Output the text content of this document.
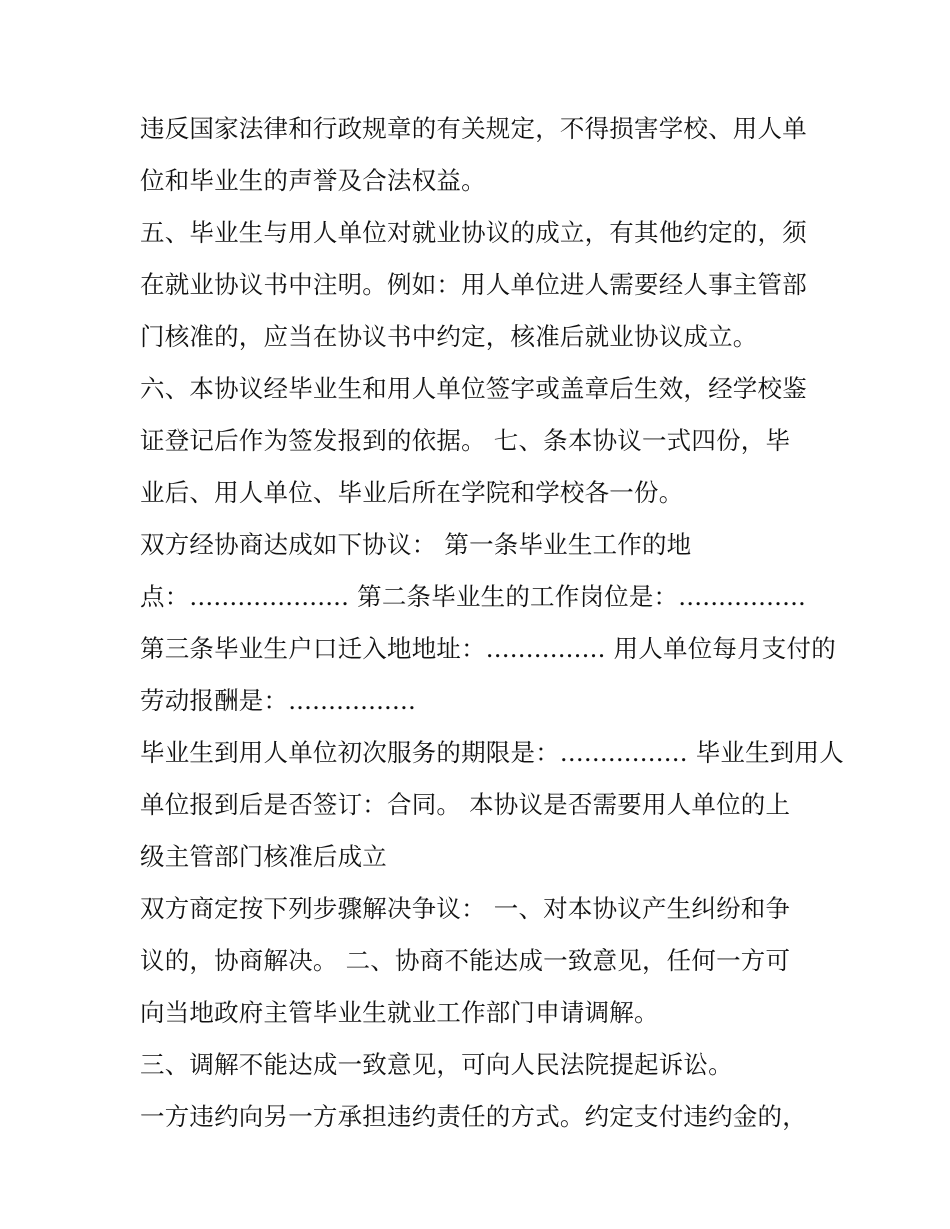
违反国家法律和行政规章的有关规定，不得损害学校、用人单
位和毕业生的声誉及合法权益。
五、毕业生与用人单位对就业协议的成立，有其他约定的，须
在就业协议书中注明。例如：用人单位进人需要经人事主管部
门核准的，应当在协议书中约定，核准后就业协议成立。
六、本协议经毕业生和用人单位签字或盖章后生效，经学校鉴
证登记后作为签发报到的依据。 七、条本协议一式四份，毕
业后、用人单位、毕业后所在学院和学校各一份。
双方经协商达成如下协议： 第一条毕业生工作的地
点：.................... 第二条毕业生的工作岗位是：................
第三条毕业生户口迁入地地址：............... 用人单位每月支付的
劳动报酬是：................
毕业生到用人单位初次服务的期限是：................ 毕业生到用人
单位报到后是否签订：合同。 本协议是否需要用人单位的上
级主管部门核准后成立
双方商定按下列步骤解决争议： 一、对本协议产生纠纷和争
议的，协商解决。 二、协商不能达成一致意见，任何一方可
向当地政府主管毕业生就业工作部门申请调解。
三、调解不能达成一致意见，可向人民法院提起诉讼。
一方违约向另一方承担违约责任的方式。约定支付违约金的，
